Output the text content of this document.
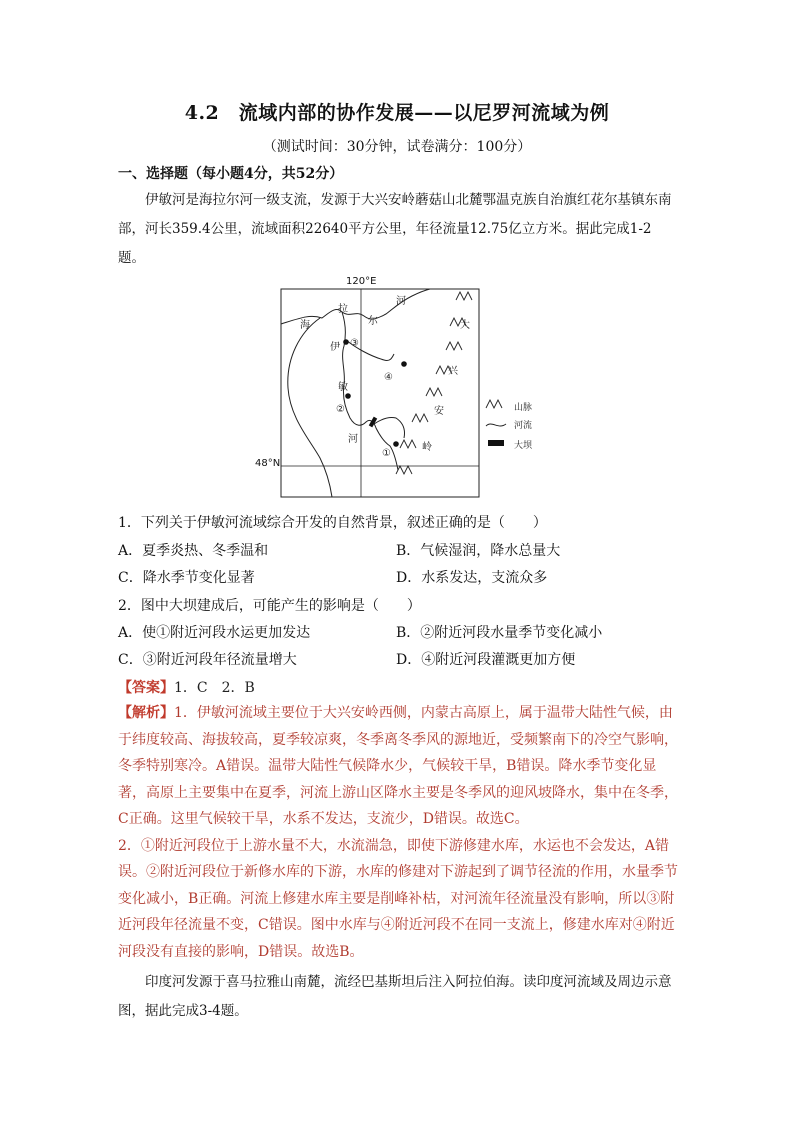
4.2　流域内部的协作发展——以尼罗河流域为例
（测试时间：30分钟，试卷满分：100分）
一、选择题（每小题4分，共52分）

伊敏河是海拉尔河一级支流，发源于大兴安岭蘑菇山北麓鄂温克族自治旗红花尔基镇东南部，河长359.4公里，流域面积22640平方公里，年径流量12.75亿立方米。据此完成1-2题。

海
拉
尔
河
伊
敏
河
大
兴
安
岭
③
④
②
①
120°E
48°N
山脉
河流
大坝
1．下列关于伊敏河流域综合开发的自然背景，叙述正确的是（　　）
A．夏季炎热、冬季温和	B．气候湿润，降水总量大
C．降水季节变化显著	D．水系发达，支流众多
2．图中大坝建成后，可能产生的影响是（　　）
A．使①附近河段水运更加发达	B．②附近河段水量季节变化减小
C．③附近河段年径流量增大	D．④附近河段灌溉更加方便
【答案】1．C　2．B

【解析】1．伊敏河流域主要位于大兴安岭西侧，内蒙古高原上，属于温带大陆性气候，由于纬度较高、海拔较高，夏季较凉爽，冬季离冬季风的源地近，受频繁南下的冷空气影响，冬季特别寒冷。A错误。温带大陆性气候降水少，气候较干旱，B错误。降水季节变化显著，高原上主要集中在夏季，河流上游山区降水主要是冬季风的迎风坡降水，集中在冬季，C正确。这里气候较干旱，水系不发达，支流少，D错误。故选C。

2．①附近河段位于上游水量不大，水流湍急，即使下游修建水库，水运也不会发达，A错误。②附近河段位于新修水库的下游，水库的修建对下游起到了调节径流的作用，水量季节变化减小，B正确。河流上修建水库主要是削峰补枯，对河流年径流量没有影响，所以③附近河段年径流量不变，C错误。图中水库与④附近河段不在同一支流上，修建水库对④附近河段没有直接的影响，D错误。故选B。

印度河发源于喜马拉雅山南麓，流经巴基斯坦后注入阿拉伯海。读印度河流域及周边示意图，据此完成3-4题。
